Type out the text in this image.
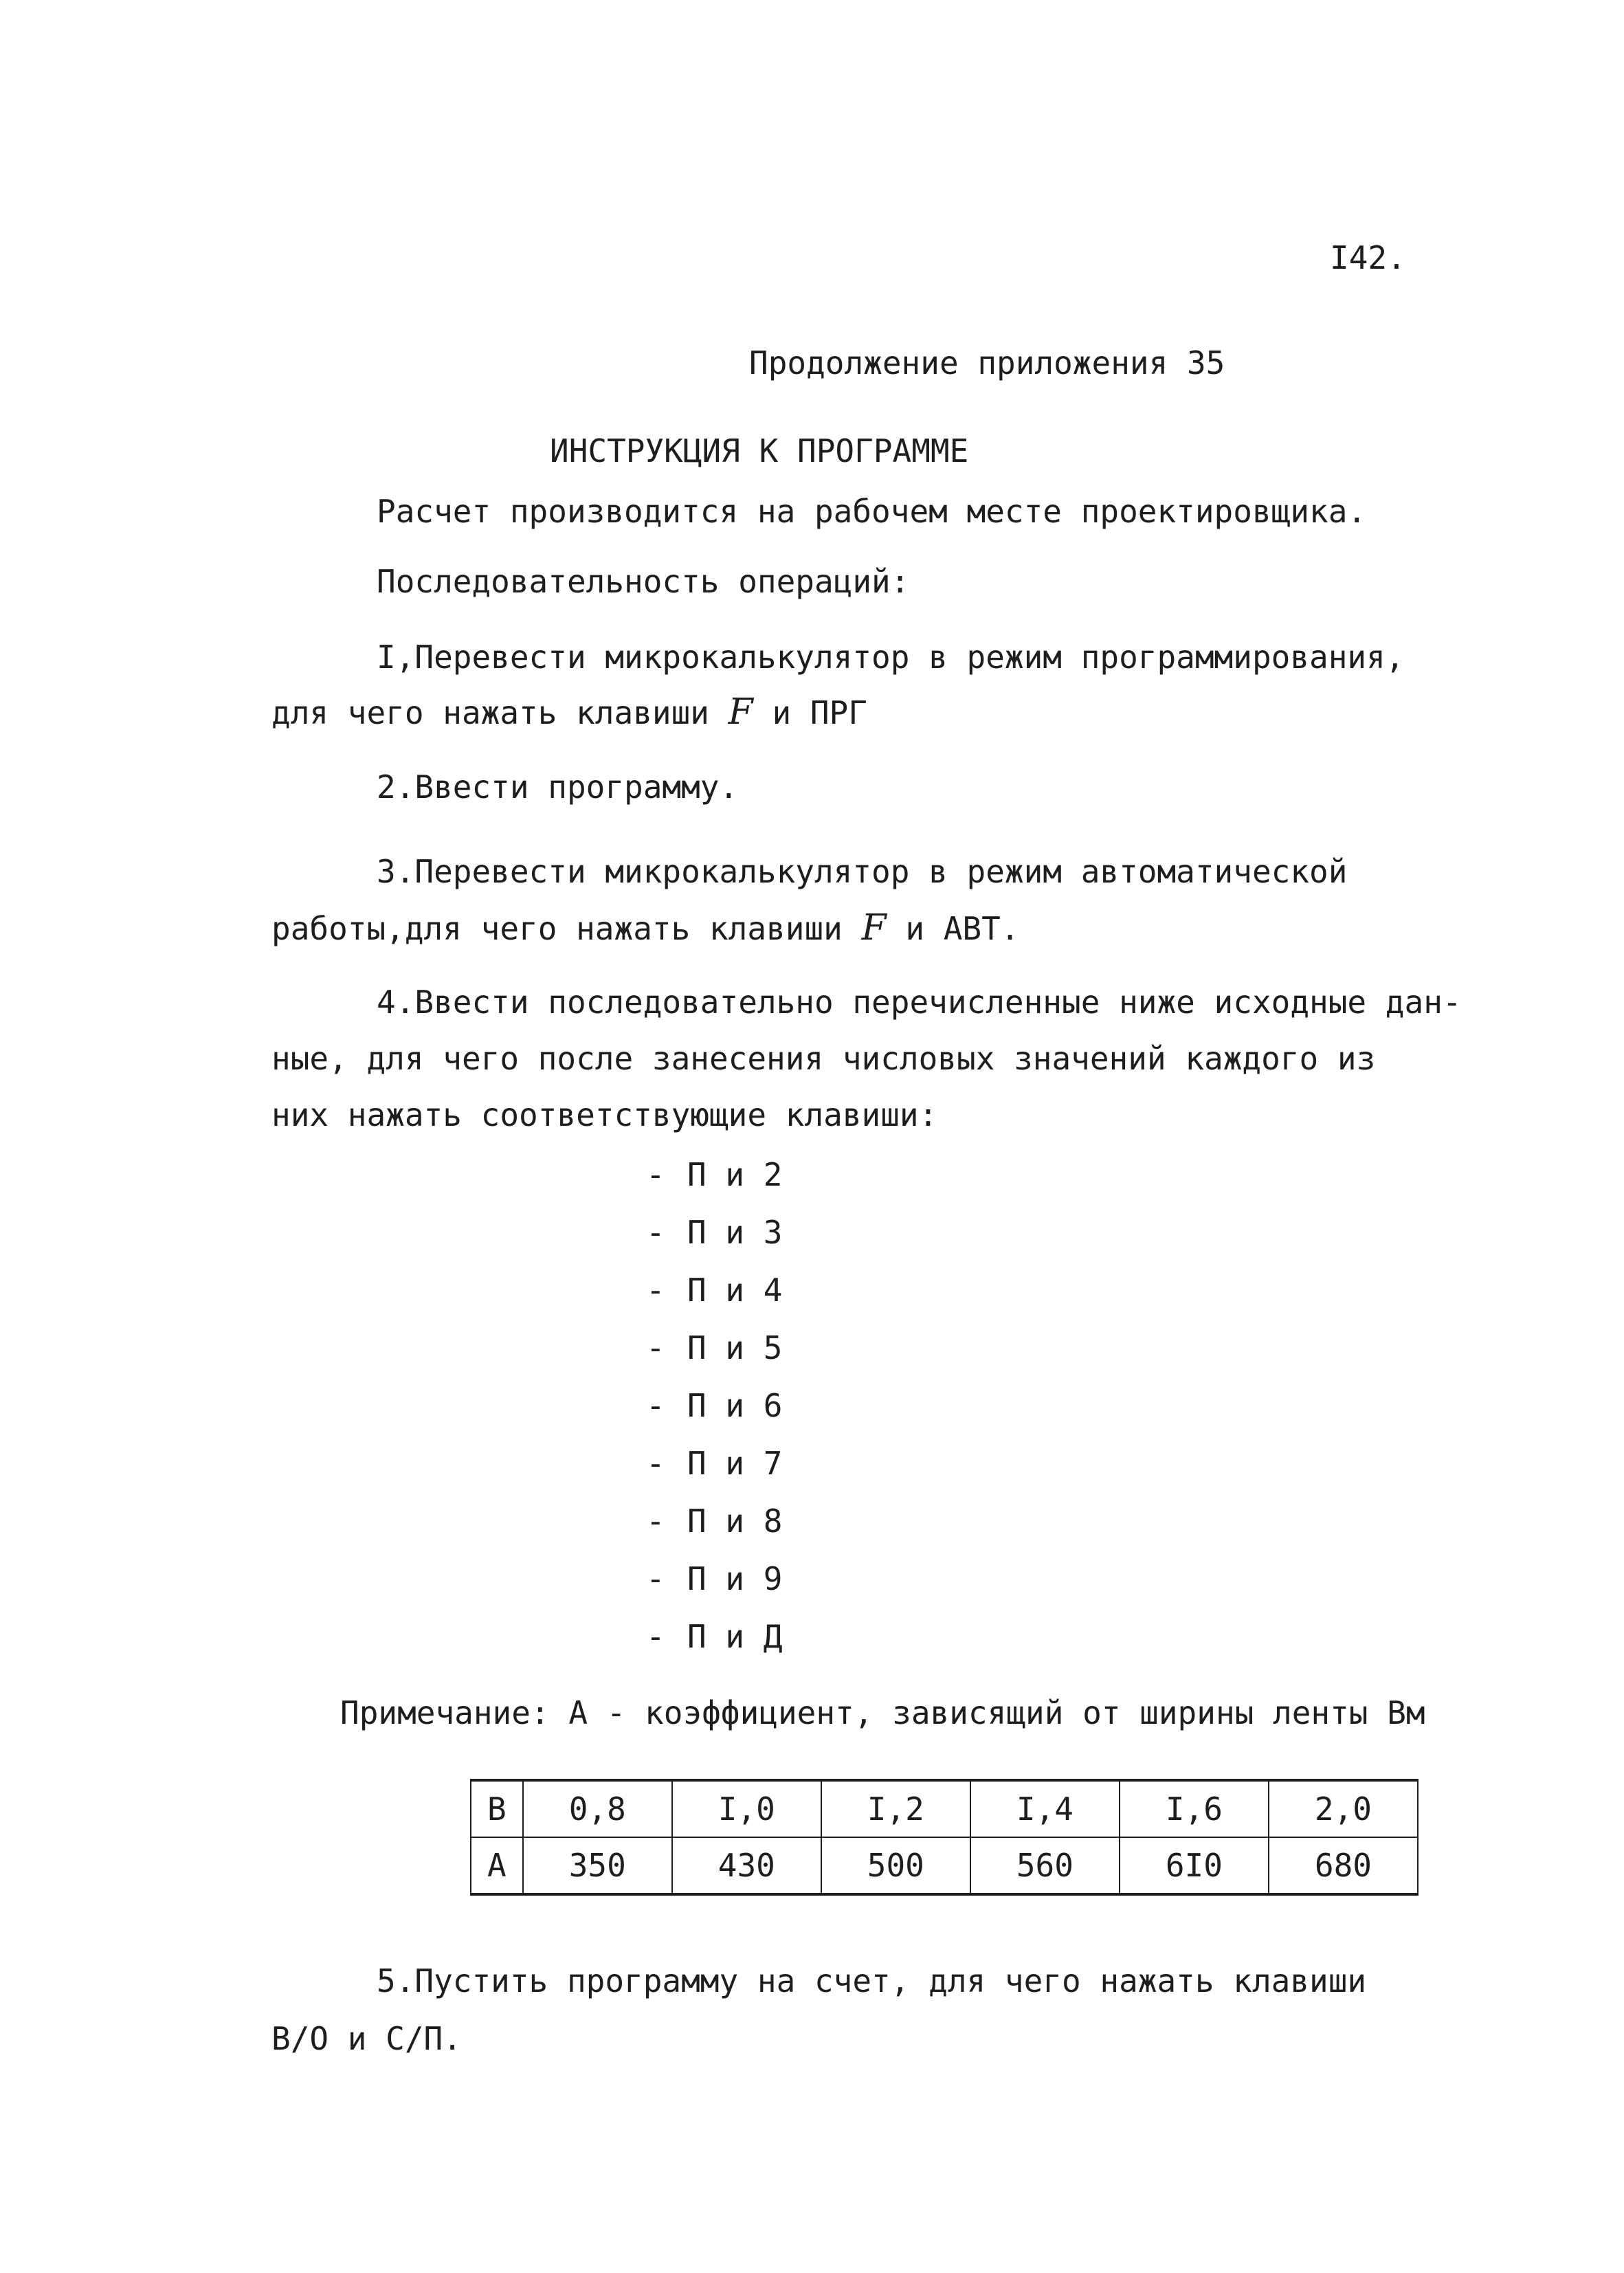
I42.
Продолжение приложения 35
ИНСТРУКЦИЯ К ПРОГРАММЕ
Расчет производится на рабочем месте проектировщика.
Последовательность операций:
I,Перевести микрокалькулятор в режим программирования,
для чего нажать клавиши F и ПРГ
2.Ввести программу.
3.Перевести микрокалькулятор в режим автоматической
работы,для чего нажать клавиши F и АВТ.
4.Ввести последовательно перечисленные ниже исходные дан-
ные, для чего после занесения числовых значений каждого из
них нажать соответствующие клавиши:
- П и 2
- П и 3
- П и 4
- П и 5
- П и 6
- П и 7
- П и 8
- П и 9
- П и Д
Примечание: А - коэффициент, зависящий от ширины ленты Вм
В	0,8	I,0	I,2	I,4	I,6	2,0
А	350	430	500	560	6I0	680
5.Пустить программу на счет, для чего нажать клавиши
В/О и С/П.
